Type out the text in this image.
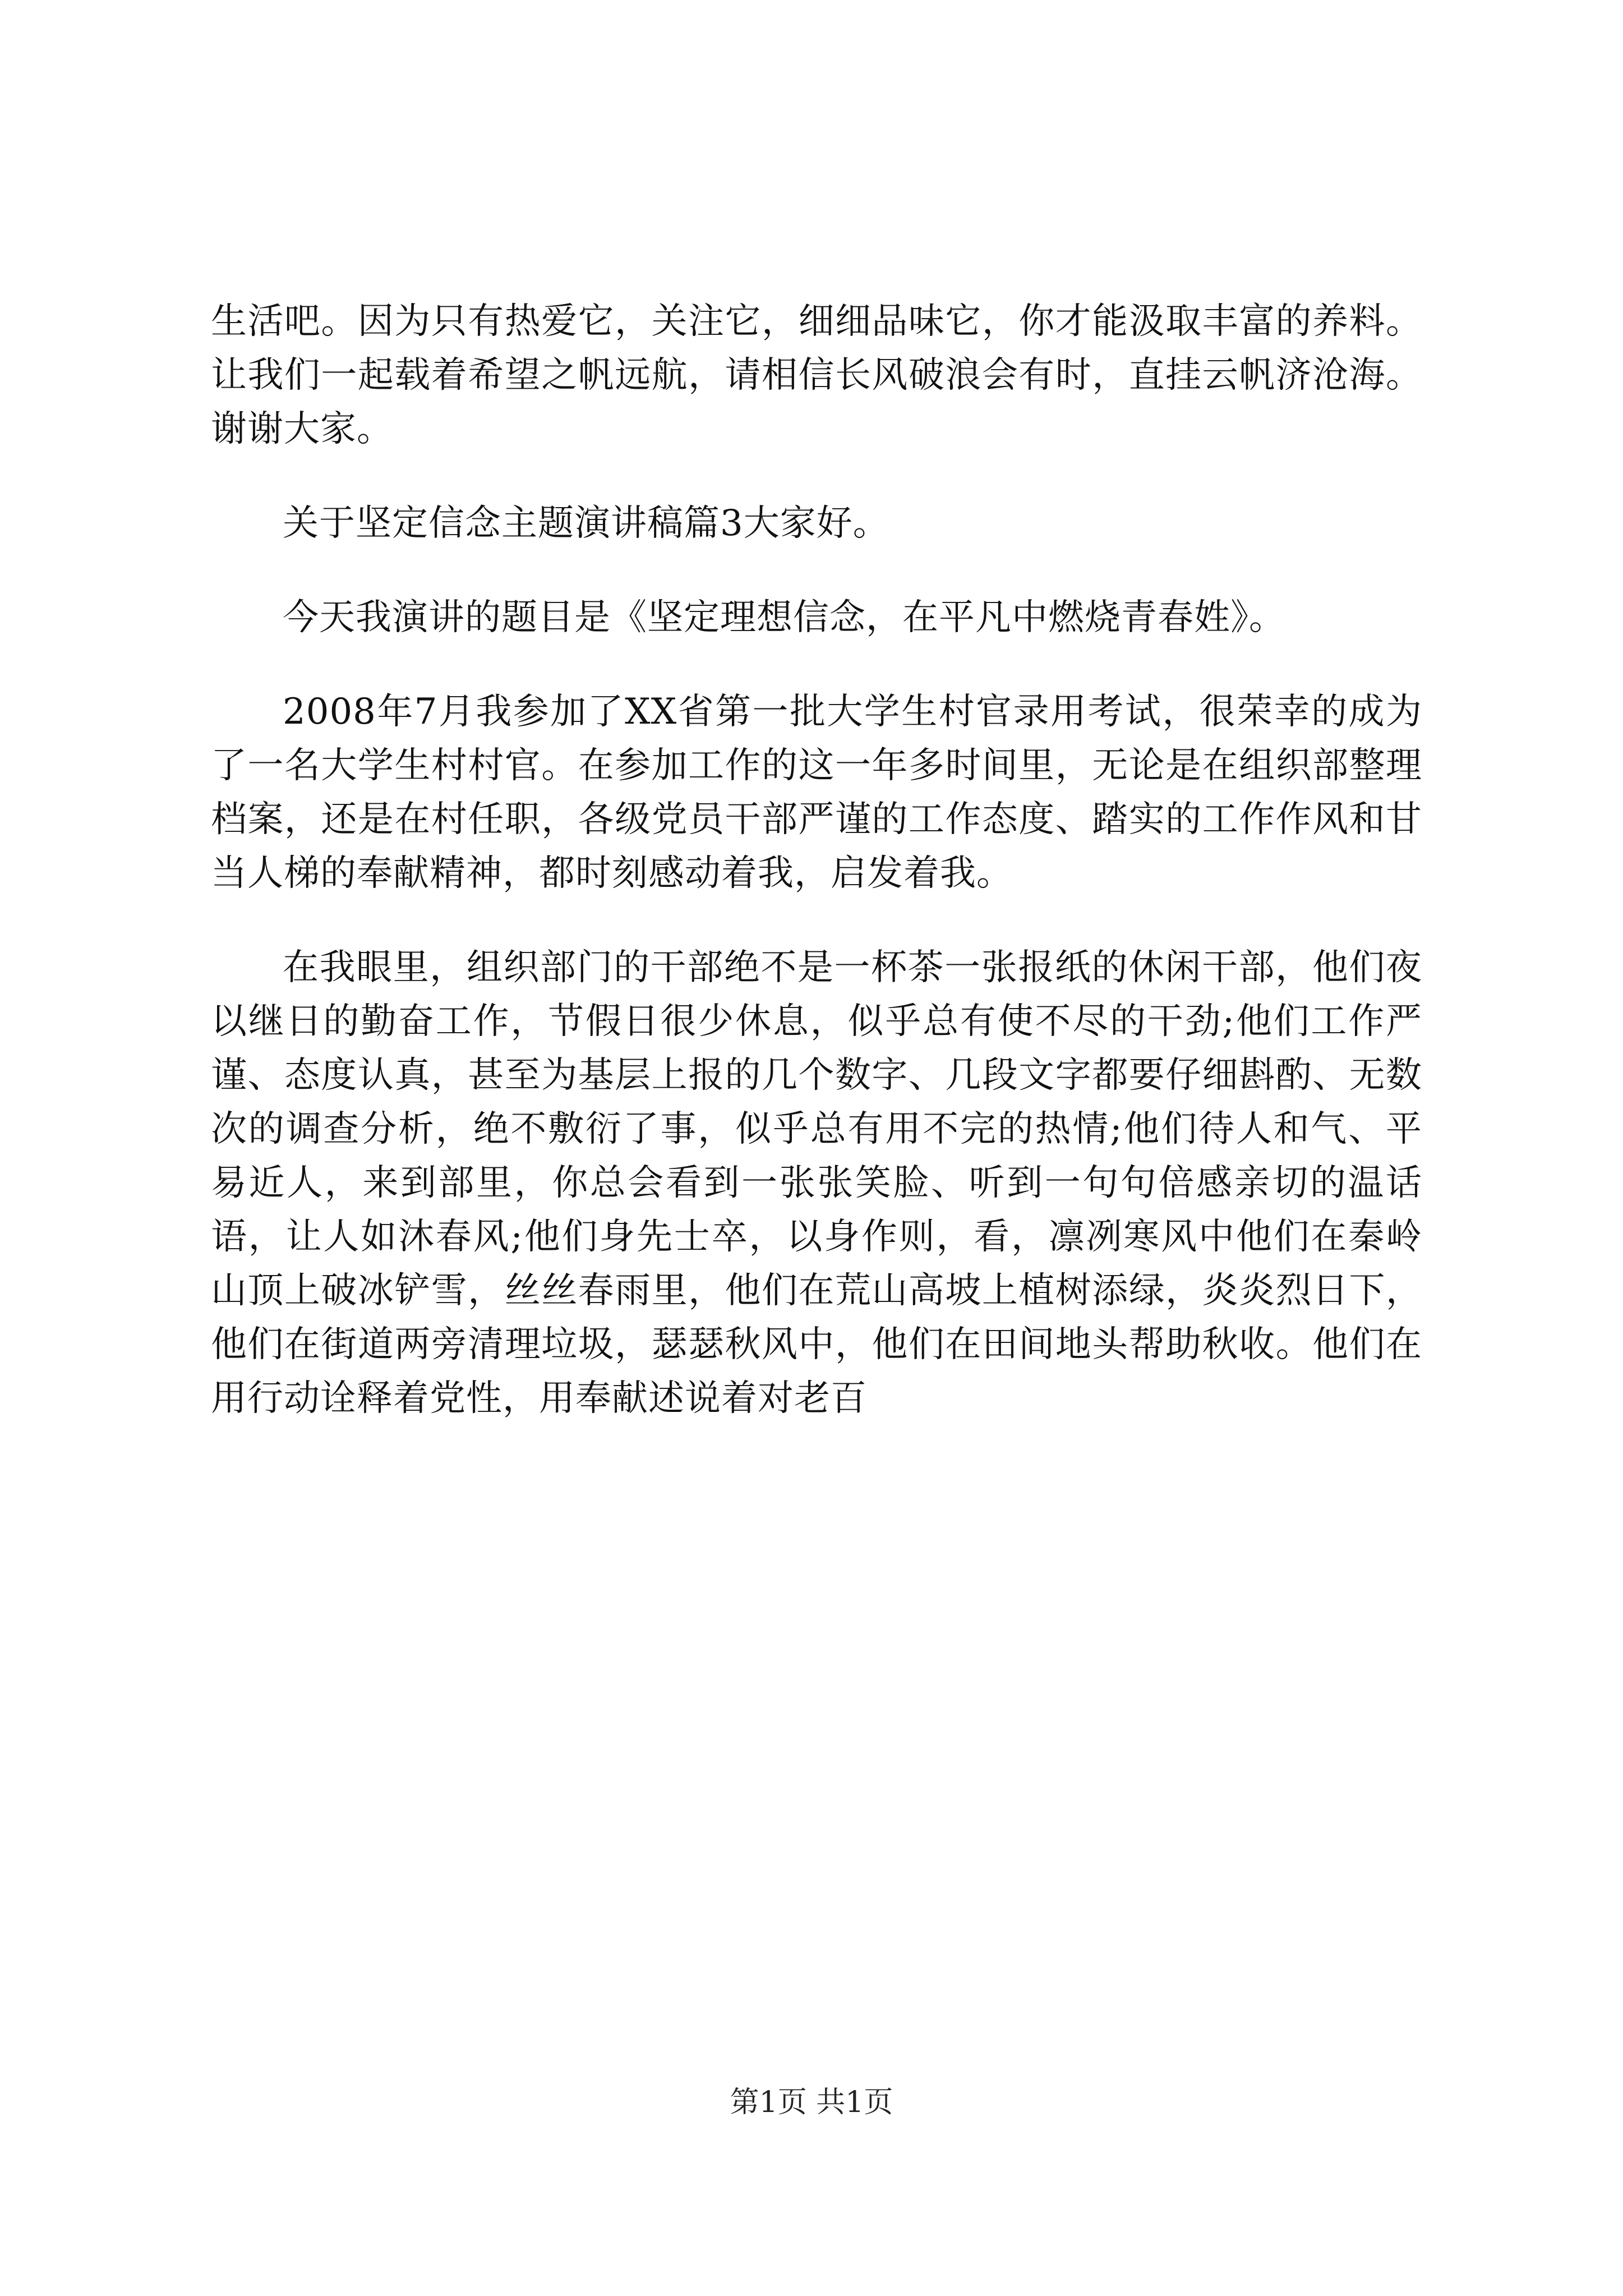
生活吧。因为只有热爱它，关注它，细细品味它，你才能汲取丰富的养料。让我们一起载着希望之帆远航，请相信长风破浪会有时，直挂云帆济沧海。谢谢大家。

关于坚定信念主题演讲稿篇3大家好。

今天我演讲的题目是《坚定理想信念，在平凡中燃烧青春姓》。

2008年7月我参加了XX省第一批大学生村官录用考试，很荣幸的成为了一名大学生村村官。在参加工作的这一年多时间里，无论是在组织部整理档案，还是在村任职，各级党员干部严谨的工作态度、踏实的工作作风和甘当人梯的奉献精神，都时刻感动着我，启发着我。

在我眼里，组织部门的干部绝不是一杯茶一张报纸的休闲干部，他们夜以继日的勤奋工作，节假日很少休息，似乎总有使不尽的干劲;他们工作严谨、态度认真，甚至为基层上报的几个数字、几段文字都要仔细斟酌、无数次的调查分析，绝不敷衍了事，似乎总有用不完的热情;他们待人和气、平易近人，来到部里，你总会看到一张张笑脸、听到一句句倍感亲切的温话语，让人如沐春风;他们身先士卒，以身作则，看，凛冽寒风中他们在秦岭山顶上破冰铲雪，丝丝春雨里，他们在荒山高坡上植树添绿，炎炎烈日下，他们在街道两旁清理垃圾，瑟瑟秋风中，他们在田间地头帮助秋收。他们在用行动诠释着党性，用奉献述说着对老百

第1页 共1页
